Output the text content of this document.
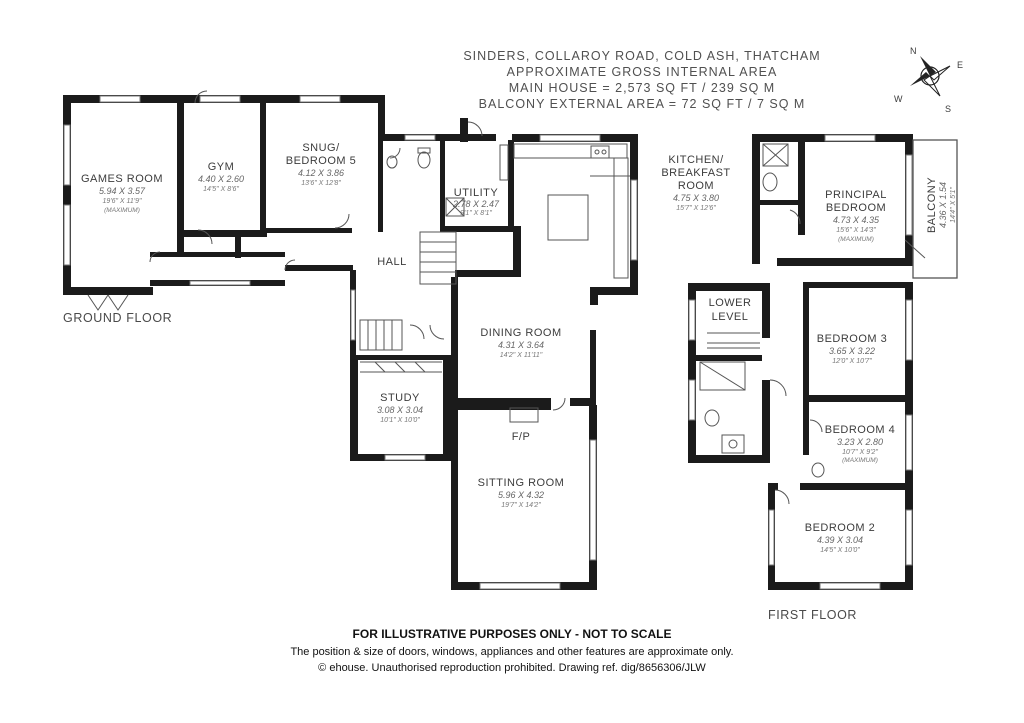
SINDERS, COLLAROY ROAD, COLD ASH, THATCHAM
APPROXIMATE GROSS INTERNAL AREA
MAIN HOUSE = 2,573 SQ FT / 239 SQ M
BALCONY EXTERNAL AREA = 72 SQ FT / 7 SQ M
N
E
S
W
GAMES ROOM
5.94 X 3.57
19'6" X 11'9"
(MAXIMUM)
GYM
4.40 X 2.60
14'5" X 8'6"
SNUG/
BEDROOM 5
4.12 X 3.86
13'6" X 12'8"
UTILITY
2.78 X 2.47
9'1" X 8'1"
KITCHEN/
BREAKFAST
ROOM
4.75 X 3.80
15'7" X 12'6"
HALL
DINING ROOM
4.31 X 3.64
14'2" X 11'11"
STUDY
3.08 X 3.04
10'1" X 10'0"
F/P
SITTING ROOM
5.96 X 4.32
19'7" X 14'2"
PRINCIPAL
BEDROOM
4.73 X 4.35
15'6" X 14'3"
(MAXIMUM)
BALCONY 4.36 X 1.54 14'4" X 5'1"
LOWER
LEVEL
BEDROOM 3
3.65 X 3.22
12'0" X 10'7"
BEDROOM 4
3.23 X 2.80
10'7" X 9'2"
(MAXIMUM)
BEDROOM 2
4.39 X 3.04
14'5" X 10'0"
GROUND FLOOR
FIRST FLOOR
FOR ILLUSTRATIVE PURPOSES ONLY - NOT TO SCALE
The position & size of doors, windows, appliances and other features are approximate only.
© ehouse. Unauthorised reproduction prohibited. Drawing ref. dig/8656306/JLW
